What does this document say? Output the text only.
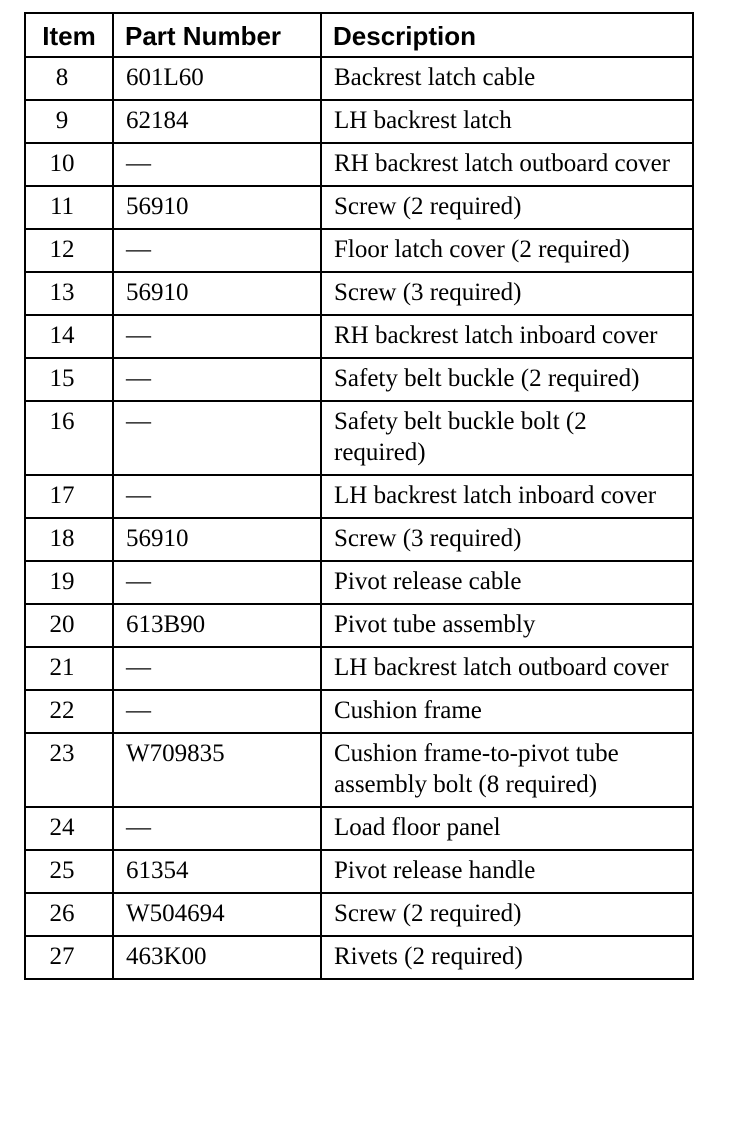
Item	Part Number	Description
8	601L60	Backrest latch cable
9	62184	LH backrest latch
10	—	RH backrest latch outboard cover
11	56910	Screw (2 required)
12	—	Floor latch cover (2 required)
13	56910	Screw (3 required)
14	—	RH backrest latch inboard cover
15	—	Safety belt buckle (2 required)
16	—	Safety belt buckle bolt (2 required)
17	—	LH backrest latch inboard cover
18	56910	Screw (3 required)
19	—	Pivot release cable
20	613B90	Pivot tube assembly
21	—	LH backrest latch outboard cover
22	—	Cushion frame
23	W709835	Cushion frame-to-pivot tube assembly bolt (8 required)
24	—	Load floor panel
25	61354	Pivot release handle
26	W504694	Screw (2 required)
27	463K00	Rivets (2 required)
